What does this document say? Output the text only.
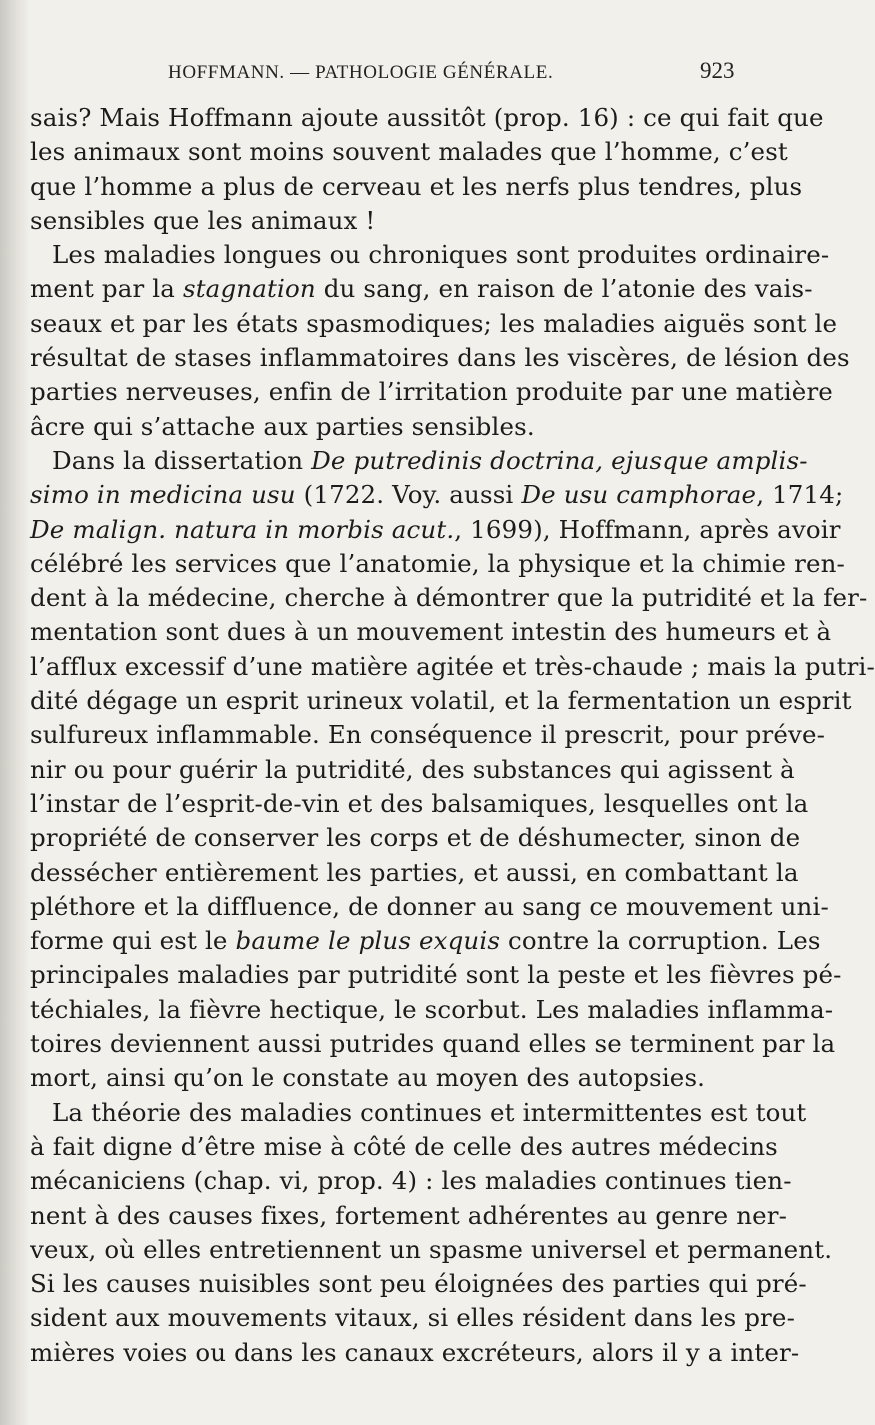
HOFFMANN. — PATHOLOGIE GÉNÉRALE.	923
sais? Mais Hoffmann ajoute aussitôt (prop. 16) : ce qui fait que
les animaux sont moins souvent malades que l’homme, c’est
que l’homme a plus de cerveau et les nerfs plus tendres, plus
sensibles que les animaux !
Les maladies longues ou chroniques sont produites ordinaire-
ment par la stagnation du sang, en raison de l’atonie des vais-
seaux et par les états spasmodiques; les maladies aiguës sont le
résultat de stases inflammatoires dans les viscères, de lésion des
parties nerveuses, enfin de l’irritation produite par une matière
âcre qui s’attache aux parties sensibles.
Dans la dissertation De putredinis doctrina, ejusque amplis-
simo in medicina usu (1722. Voy. aussi De usu camphorae, 1714;
De malign. natura in morbis acut., 1699), Hoffmann, après avoir
célébré les services que l’anatomie, la physique et la chimie ren-
dent à la médecine, cherche à démontrer que la putridité et la fer-
mentation sont dues à un mouvement intestin des humeurs et à
l’afflux excessif d’une matière agitée et très-chaude ; mais la putri-
dité dégage un esprit urineux volatil, et la fermentation un esprit
sulfureux inflammable. En conséquence il prescrit, pour préve-
nir ou pour guérir la putridité, des substances qui agissent à
l’instar de l’esprit-de-vin et des balsamiques, lesquelles ont la
propriété de conserver les corps et de déshumecter, sinon de
dessécher entièrement les parties, et aussi, en combattant la
pléthore et la diffluence, de donner au sang ce mouvement uni-
forme qui est le baume le plus exquis contre la corruption. Les
principales maladies par putridité sont la peste et les fièvres pé-
téchiales, la fièvre hectique, le scorbut. Les maladies inflamma-
toires deviennent aussi putrides quand elles se terminent par la
mort, ainsi qu’on le constate au moyen des autopsies.
La théorie des maladies continues et intermittentes est tout
à fait digne d’être mise à côté de celle des autres médecins
mécaniciens (chap. vi, prop. 4) : les maladies continues tien-
nent à des causes fixes, fortement adhérentes au genre ner-
veux, où elles entretiennent un spasme universel et permanent.
Si les causes nuisibles sont peu éloignées des parties qui pré-
sident aux mouvements vitaux, si elles résident dans les pre-
mières voies ou dans les canaux excréteurs, alors il y a inter-
